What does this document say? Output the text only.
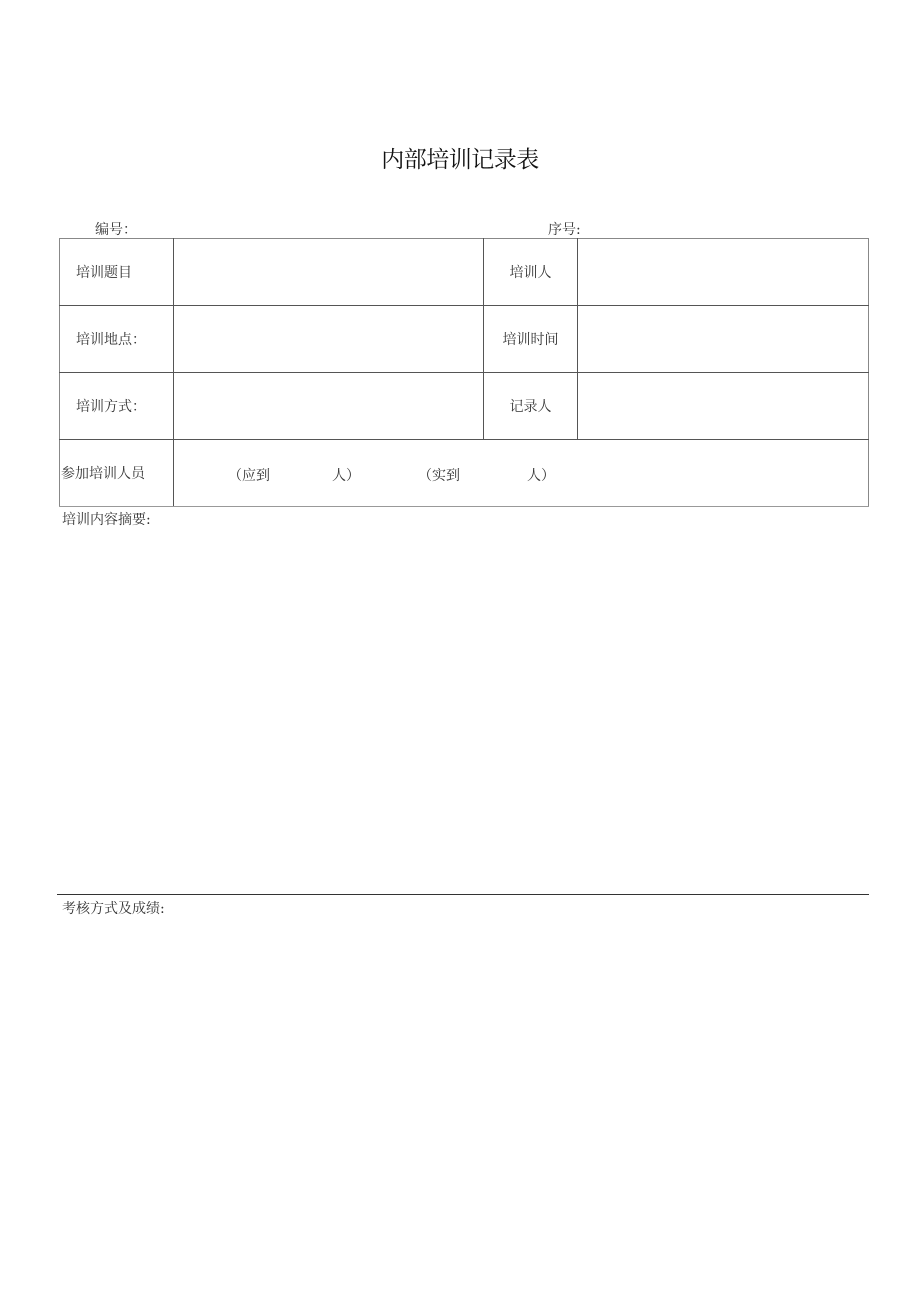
内部培训记录表
编号：	序号:
培训题目		培训人	
培训地点：		培训时间	
培训方式：		记录人	
参加培训人员	（应到 人） （实到 人）		
培训内容摘要:
考核方式及成绩:
